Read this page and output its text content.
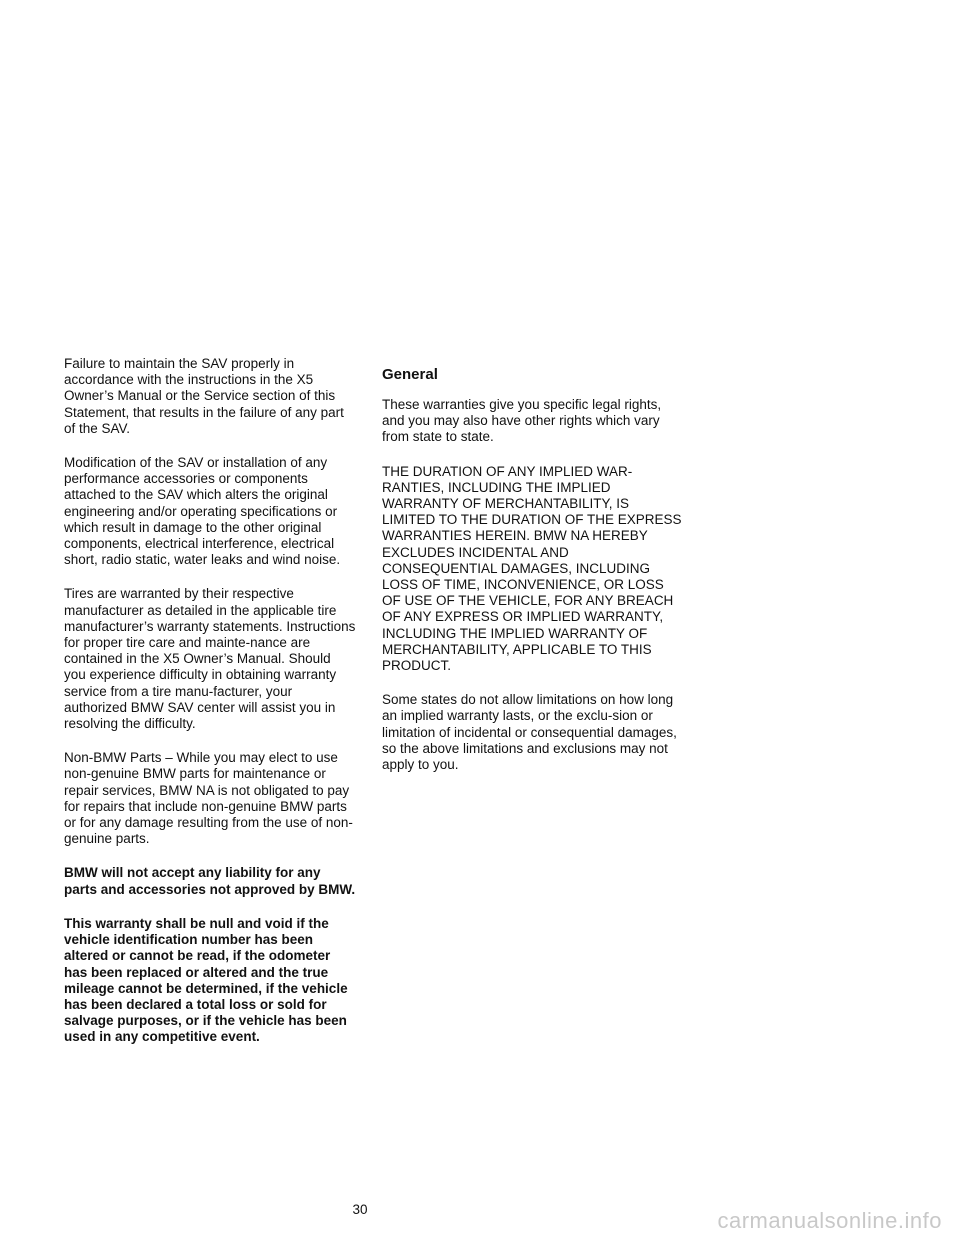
Failure to maintain the SAV properly in accordance with the instructions in the X5 Owner’s Manual or the Service section of this Statement, that results in the failure of any part of the SAV.

Modification of the SAV or installation of any performance accessories or components attached to the SAV which alters the original engineering and/or operating specifications or which result in damage to the other original components, electrical interference, electrical short, radio static, water leaks and wind noise.

Tires are warranted by their respective manufacturer as detailed in the applicable tire manufacturer’s warranty statements. Instructions for proper tire care and mainte-nance are contained in the X5 Owner’s Manual. Should you experience difficulty in obtaining warranty service from a tire manu-facturer, your authorized BMW SAV center will assist you in resolving the difficulty.

Non-BMW Parts – While you may elect to use non-genuine BMW parts for maintenance or repair services, BMW NA is not obligated to pay for repairs that include non-genuine BMW parts or for any damage resulting from the use of non-genuine parts.

BMW will not accept any liability for any parts and accessories not approved by BMW.

This warranty shall be null and void if the vehicle identification number has been altered or cannot be read, if the odometer has been replaced or altered and the true mileage cannot be determined, if the vehicle has been declared a total loss or sold for salvage purposes, or if the vehicle has been used in any competitive event.

General

These warranties give you specific legal rights, and you may also have other rights which vary from state to state.

THE DURATION OF ANY IMPLIED WAR-RANTIES, INCLUDING THE IMPLIED WARRANTY OF MERCHANTABILITY, IS LIMITED TO THE DURATION OF THE EXPRESS WARRANTIES HEREIN. BMW NA HEREBY EXCLUDES INCIDENTAL AND CONSEQUENTIAL DAMAGES, INCLUDING LOSS OF TIME, INCONVENIENCE, OR LOSS OF USE OF THE VEHICLE, FOR ANY BREACH OF ANY EXPRESS OR IMPLIED WARRANTY, INCLUDING THE IMPLIED WARRANTY OF MERCHANTABILITY, APPLICABLE TO THIS PRODUCT.

Some states do not allow limitations on how long an implied warranty lasts, or the exclu-sion or limitation of incidental or consequential damages, so the above limitations and exclusions may not apply to you.

30	carmanualsonline.info
